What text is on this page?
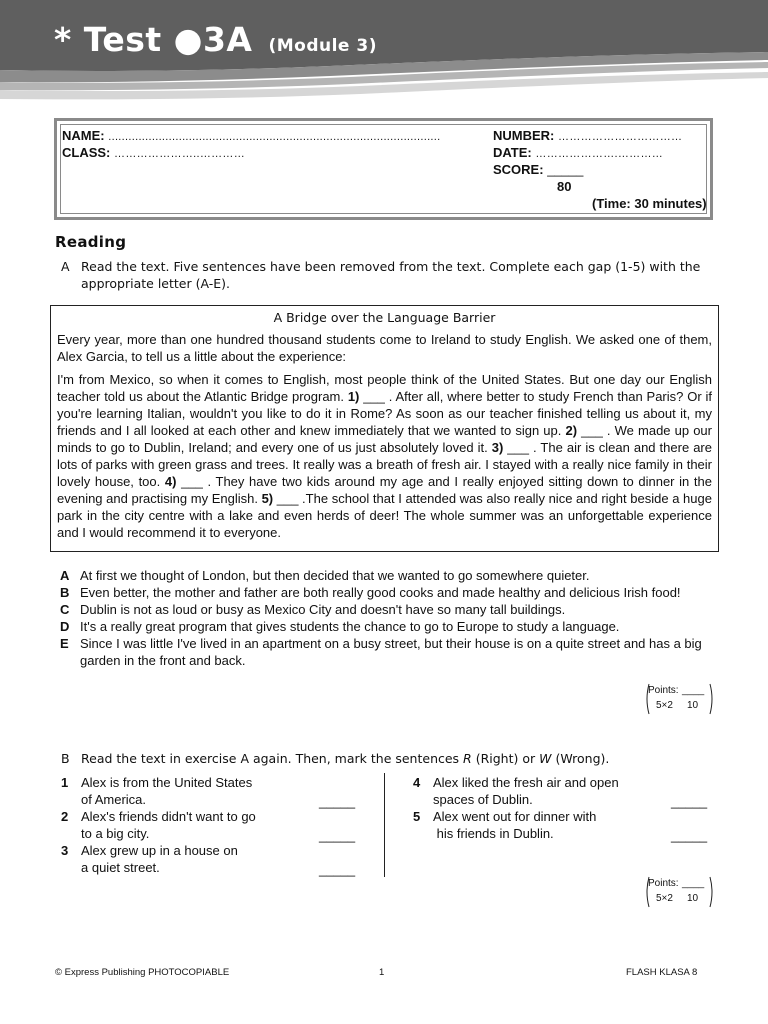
* Test ●3A (Module 3)
NAME: ...................................................................................................
CLASS: …………………..…………
NUMBER: ……………………………
DATE: ………………….…………
SCORE: _____
80
(Time: 30 minutes)
Reading
A Read the text. Five sentences have been removed from the text. Complete each gap (1-5) with the appropriate letter (A-E).
A Bridge over the Language Barrier

Every year, more than one hundred thousand students come to Ireland to study English. We asked one of them, Alex Garcia, to tell us a little about the experience:

I'm from Mexico, so when it comes to English, most people think of the United States. But one day our English teacher told us about the Atlantic Bridge program. 1) ___ . After all, where better to study French than Paris? Or if you're learning Italian, wouldn't you like to do it in Rome? As soon as our teacher finished telling us about it, my friends and I all looked at each other and knew immediately that we wanted to sign up. 2) ___ . We made up our minds to go to Dublin, Ireland; and every one of us just absolutely loved it. 3) ___ . The air is clean and there are lots of parks with green grass and trees. It really was a breath of fresh air. I stayed with a really nice family in their lovely house, too. 4) ___ . They have two kids around my age and I really enjoyed sitting down to dinner in the evening and practising my English. 5) ___ .The school that I attended was also really nice and right beside a huge park in the city centre with a lake and even herds of deer! The whole summer was an unforgettable experience and I would recommend it to everyone.

A At first we thought of London, but then decided that we wanted to go somewhere quieter.
B Even better, the mother and father are both really good cooks and made healthy and delicious Irish food!
C Dublin is not as loud or busy as Mexico City and doesn't have so many tall buildings.
D It's a really great program that gives students the chance to go to Europe to study a language.
E Since I was little I've lived in an apartment on a busy street, but their house is on a quite street and has a big garden in the front and back.
Points: ____
5×2 10
B Read the text in exercise A again. Then, mark the sentences R (Right) or W (Wrong).
1 Alex is from the United States
of America.	_____
2 Alex's friends didn't want to go
to a big city.	_____
3 Alex grew up in a house on
a quiet street.	_____
4 Alex liked the fresh air and open
spaces of Dublin.	_____
5 Alex went out for dinner with
his friends in Dublin.	_____
Points: ____
5×2 10
© Express Publishing PHOTOCOPIABLE	1	FLASH KLASA 8
